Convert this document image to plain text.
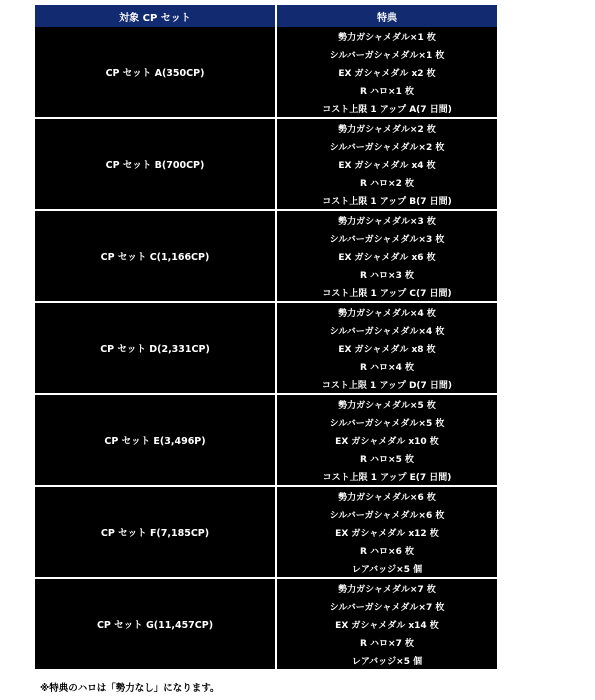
対象 CP セット	特典
CP セット A(350CP)
勢力ガシャメダル×1 枚
シルバーガシャメダル×1 枚
EX ガシャメダル x2 枚
R ハロ×1 枚
コスト上限 1 アップ A(7 日間)
CP セット B(700CP)
勢力ガシャメダル×2 枚
シルバーガシャメダル×2 枚
EX ガシャメダル x4 枚
R ハロ×2 枚
コスト上限 1 アップ B(7 日間)
CP セット C(1,166CP)
勢力ガシャメダル×3 枚
シルバーガシャメダル×3 枚
EX ガシャメダル x6 枚
R ハロ×3 枚
コスト上限 1 アップ C(7 日間)
CP セット D(2,331CP)
勢力ガシャメダル×4 枚
シルバーガシャメダル×4 枚
EX ガシャメダル x8 枚
R ハロ×4 枚
コスト上限 1 アップ D(7 日間)
CP セット E(3,496P)
勢力ガシャメダル×5 枚
シルバーガシャメダル×5 枚
EX ガシャメダル x10 枚
R ハロ×5 枚
コスト上限 1 アップ E(7 日間)
CP セット F(7,185CP)
勢力ガシャメダル×6 枚
シルバーガシャメダル×6 枚
EX ガシャメダル x12 枚
R ハロ×6 枚
レアバッジ×5 個
CP セット G(11,457CP)
勢力ガシャメダル×7 枚
シルバーガシャメダル×7 枚
EX ガシャメダル x14 枚
R ハロ×7 枚
レアバッジ×5 個
※特典のハロは「勢力なし」になります。
